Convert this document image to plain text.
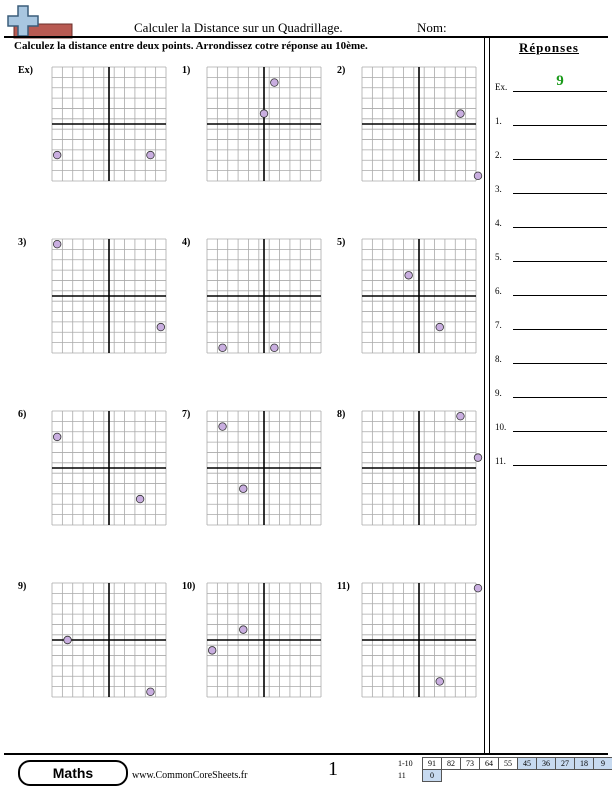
Calculer la Distance sur un Quadrillage.	Nom:
Calculez la distance entre deux points. Arrondissez cotre réponse au 10ème.	Réponses
Ex.	9
1.
2.
3.
4.
5.
6.
7.
8.
9.
10.
11.
Ex)	1)	2)
3)	4)	5)
6)	7)	8)
9)	10)	11)
Maths	www.CommonCoreSheets.fr	1	1-10	91	82	73	64	55	45	36	27	18	9
11	0									
